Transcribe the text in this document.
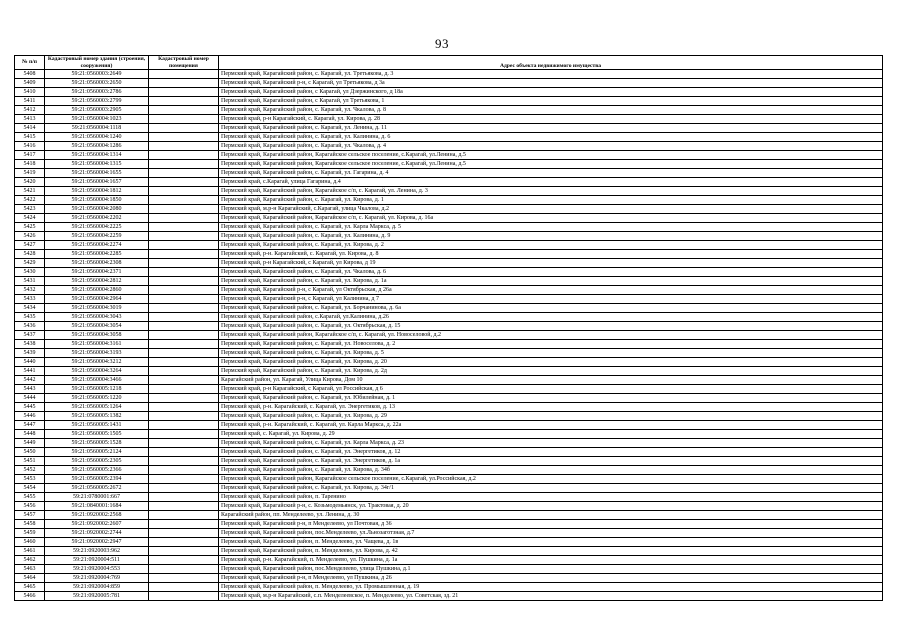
93
№ п/п	Кадастровый номер здания (строения, сооружения)	Кадастровый номер помещения	Адрес объекта недвижимого имущества
5408	59:21:0560003:2649		Пермский край, Карагайский район, с. Карагай, ул. Третьякова, д. 3
5409	59:21:0560003:2650		Пермский край, Карагайский р-н, с Карагай, ул Третьякова, д 3а
5410	59:21:0560003:2786		Пермский край, Карагайский район, с Карагай, ул Дзержинского, д 18а
5411	59:21:0560003:2799		Пермский край, Карагайский район, с Карагай, ул Третьякова, 1
5412	59:21:0560003:2905		Пермский край, Карагайский район, с. Карагай, ул. Чкалова, д. 8
5413	59:21:0560004:1023		Пермский край, р-н Карагайский, с. Карагай, ул. Кирова, д. 28
5414	59:21:0560004:1118		Пермский край, Карагайский район, с. Карагай, ул. Ленина, д. 11
5415	59:21:0560004:1240		Пермский край, Карагайский район, с. Карагай, ул. Калинина, д. 6
5416	59:21:0560004:1286		Пермский край, Карагайский район, с. Карагай, ул. Чкалова, д. 4
5417	59:21:0560004:1314		Пермский край, Карагайский район, Карагайское сельское поселение, с.Карагай, ул.Ленина, д.5
5418	59:21:0560004:1315		Пермский край, Карагайский район, Карагайское сельское поселение, с.Карагай, ул.Ленина, д.5
5419	59:21:0560004:1655		Пермский край, Карагайский район, с. Карагай, ул. Гагарина, д. 4
5420	59:21:0560004:1657		Пермский край, с.Карагай, улица Гагарина, д.4
5421	59:21:0560004:1812		Пермский край, Карагайский район, Карагайское с/п, с. Карагай, ул. Ленина, д. 3
5422	59:21:0560004:1850		Пермский край, Карагайский район, с. Карагай, ул. Кирова, д. 1
5423	59:21:0560004:2080		Пермский край, м.р-н Карагайский, с.Карагай, улица Чкалова, д.2
5424	59:21:0560004:2202		Пермский край, Карагайский район, Карагайское с/п, с. Карагай, ул. Кирова, д. 16а
5425	59:21:0560004:2225		Пермский край, Карагайский район, с. Карагай, ул. Карла Маркса, д. 5
5426	59:21:0560004:2259		Пермский край, Карагайский район, с. Карагай, ул. Калинина, д. 9
5427	59:21:0560004:2274		Пермский край, Карагайский район, с. Карагай, ул. Кирова, д. 2
5428	59:21:0560004:2285		Пермский край, р-н. Карагайский, с. Карагай, ул. Кирова, д. 8
5429	59:21:0560004:2308		Пермский край, р-н Карагайский, с Карагай, ул Кирова, д 19
5430	59:21:0560004:2371		Пермский край, Карагайский район, с. Карагай, ул. Чкалова, д. 6
5431	59:21:0560004:2812		Пермский край, Карагайский район, с. Карагай, ул. Кирова, д. 1а
5432	59:21:0560004:2860		Пермский край, Карагайский р-н, с Карагай, ул Октябрьская, д 26а
5433	59:21:0560004:2964		Пермский край, Карагайский р-н, с Карагай, ул Калинина, д 7
5434	59:21:0560004:3019		Пермский край, Карагайский район, с. Карагай, ул. Борчанинова, д. 6а
5435	59:21:0560004:3043		Пермский край, Карагайский район, с.Карагай, ул.Калинина, д.26
5436	59:21:0560004:3054		Пермский край, Карагайский район, с. Карагай, ул. Октябрьская, д. 15
5437	59:21:0560004:3058		Пермский край, Карагайский район, Карагайское с/п, с. Карагай, ул. Новоселовой, д.2
5438	59:21:0560004:3161		Пермский край, Карагайский район, с. Карагай, ул. Новоселова, д. 2
5439	59:21:0560004:3193		Пермский край, Карагайский район, с. Карагай, ул. Кирова, д. 5
5440	59:21:0560004:3212		Пермский край, Карагайский район, с. Карагай, ул. Кирова, д. 20
5441	59:21:0560004:3264		Пермский край, Карагайский район, с. Карагай, ул. Кирова, д. 2д
5442	59:21:0560004:3466		Карагайский район, ул. Карагай, Улица Кирова, Дом 10
5443	59:21:0560005:1218		Пермский край, р-н Карагайский, с Карагай, ул Российская, д 6
5444	59:21:0560005:1220		Пермский край, Карагайский район, с. Карагай, ул. Юбилейная, д. 1
5445	59:21:0560005:1264		Пермский край, р-н. Карагайский, с. Карагай, ул. Энергетиков, д. 13
5446	59:21:0560005:1382		Пермский край, Карагайский район, с. Карагай, ул. Кирова, д. 29
5447	59:21:0560005:1431		Пермский край, р-н. Карагайский, с. Карагай, ул. Карла Маркса, д. 22а
5448	59:21:0560005:1505		Пермский край, с. Карагай, ул. Кирова, д. 29
5449	59:21:0560005:1528		Пермский край, Карагайский район, с. Карагай, ул. Карла Маркса, д. 23
5450	59:21:0560005:2124		Пермский край, Карагайский район, с. Карагай, ул. Энергетиков, д. 12
5451	59:21:0560005:2305		Пермский край, Карагайский район, с. Карагай, ул. Энергетиков, д. 1а
5452	59:21:0560005:2366		Пермский край, Карагайский район, с. Карагай, ул. Кирова, д. 34б
5453	59:21:0560005:2394		Пермский край, Карагайский район, Карагайское сельское поселение, с.Карагай, ул.Российская, д.2
5454	59:21:0560005:2672		Пермский край, Карагайский район, с. Карагай, ул. Кирова, д. 34г/1
5455	59:21:0780001:667		Пермский край, Карагайский район, п. Таренино
5456	59:21:0840001:1684		Пермский край, Карагайский р-н, с. Козьмодемьянск, ул. Трактовая, д. 20
5457	59:21:0920002:2568		Карагайский район, пп. Менделеево, ул. Ленина, д. 30
5458	59:21:0920002:2607		Пермский край, Карагайский р-н, п Менделеево, ул Почтовая, д 36
5459	59:21:0920002:2744		Пермский край, Карагайский район, пос.Менделеево, ул.Льнозаготзная, д.7
5460	59:21:0920002:2947		Пермский край, Карагайский район, п. Менделеево, ул. Чащева, д. 1в
5461	59:21:0920003:962		Пермский край, Карагайский район, п. Менделеево, ул. Кирова, д. 42
5462	59:21:0920004:511		Пермский край, р-н. Карагайский, п. Менделеево, ул. Пушкина, д. 1а
5463	59:21:0920004:553		Пермский край, Карагайский район, пос.Менделеево, улица Пушкина, д.1
5464	59:21:0920004:769		Пермский край, Карагайский р-н, п Менделеево, ул Пушкина, д 26
5465	59:21:0920004:859		Пермский край, Карагайский район, п. Менделеево, ул. Промышленная, д. 19
5466	59:21:0920005:781		Пермский край, м.р-н Карагайский, с.п. Менделеевское, п. Менделеево, ул. Советская, зд. 21
